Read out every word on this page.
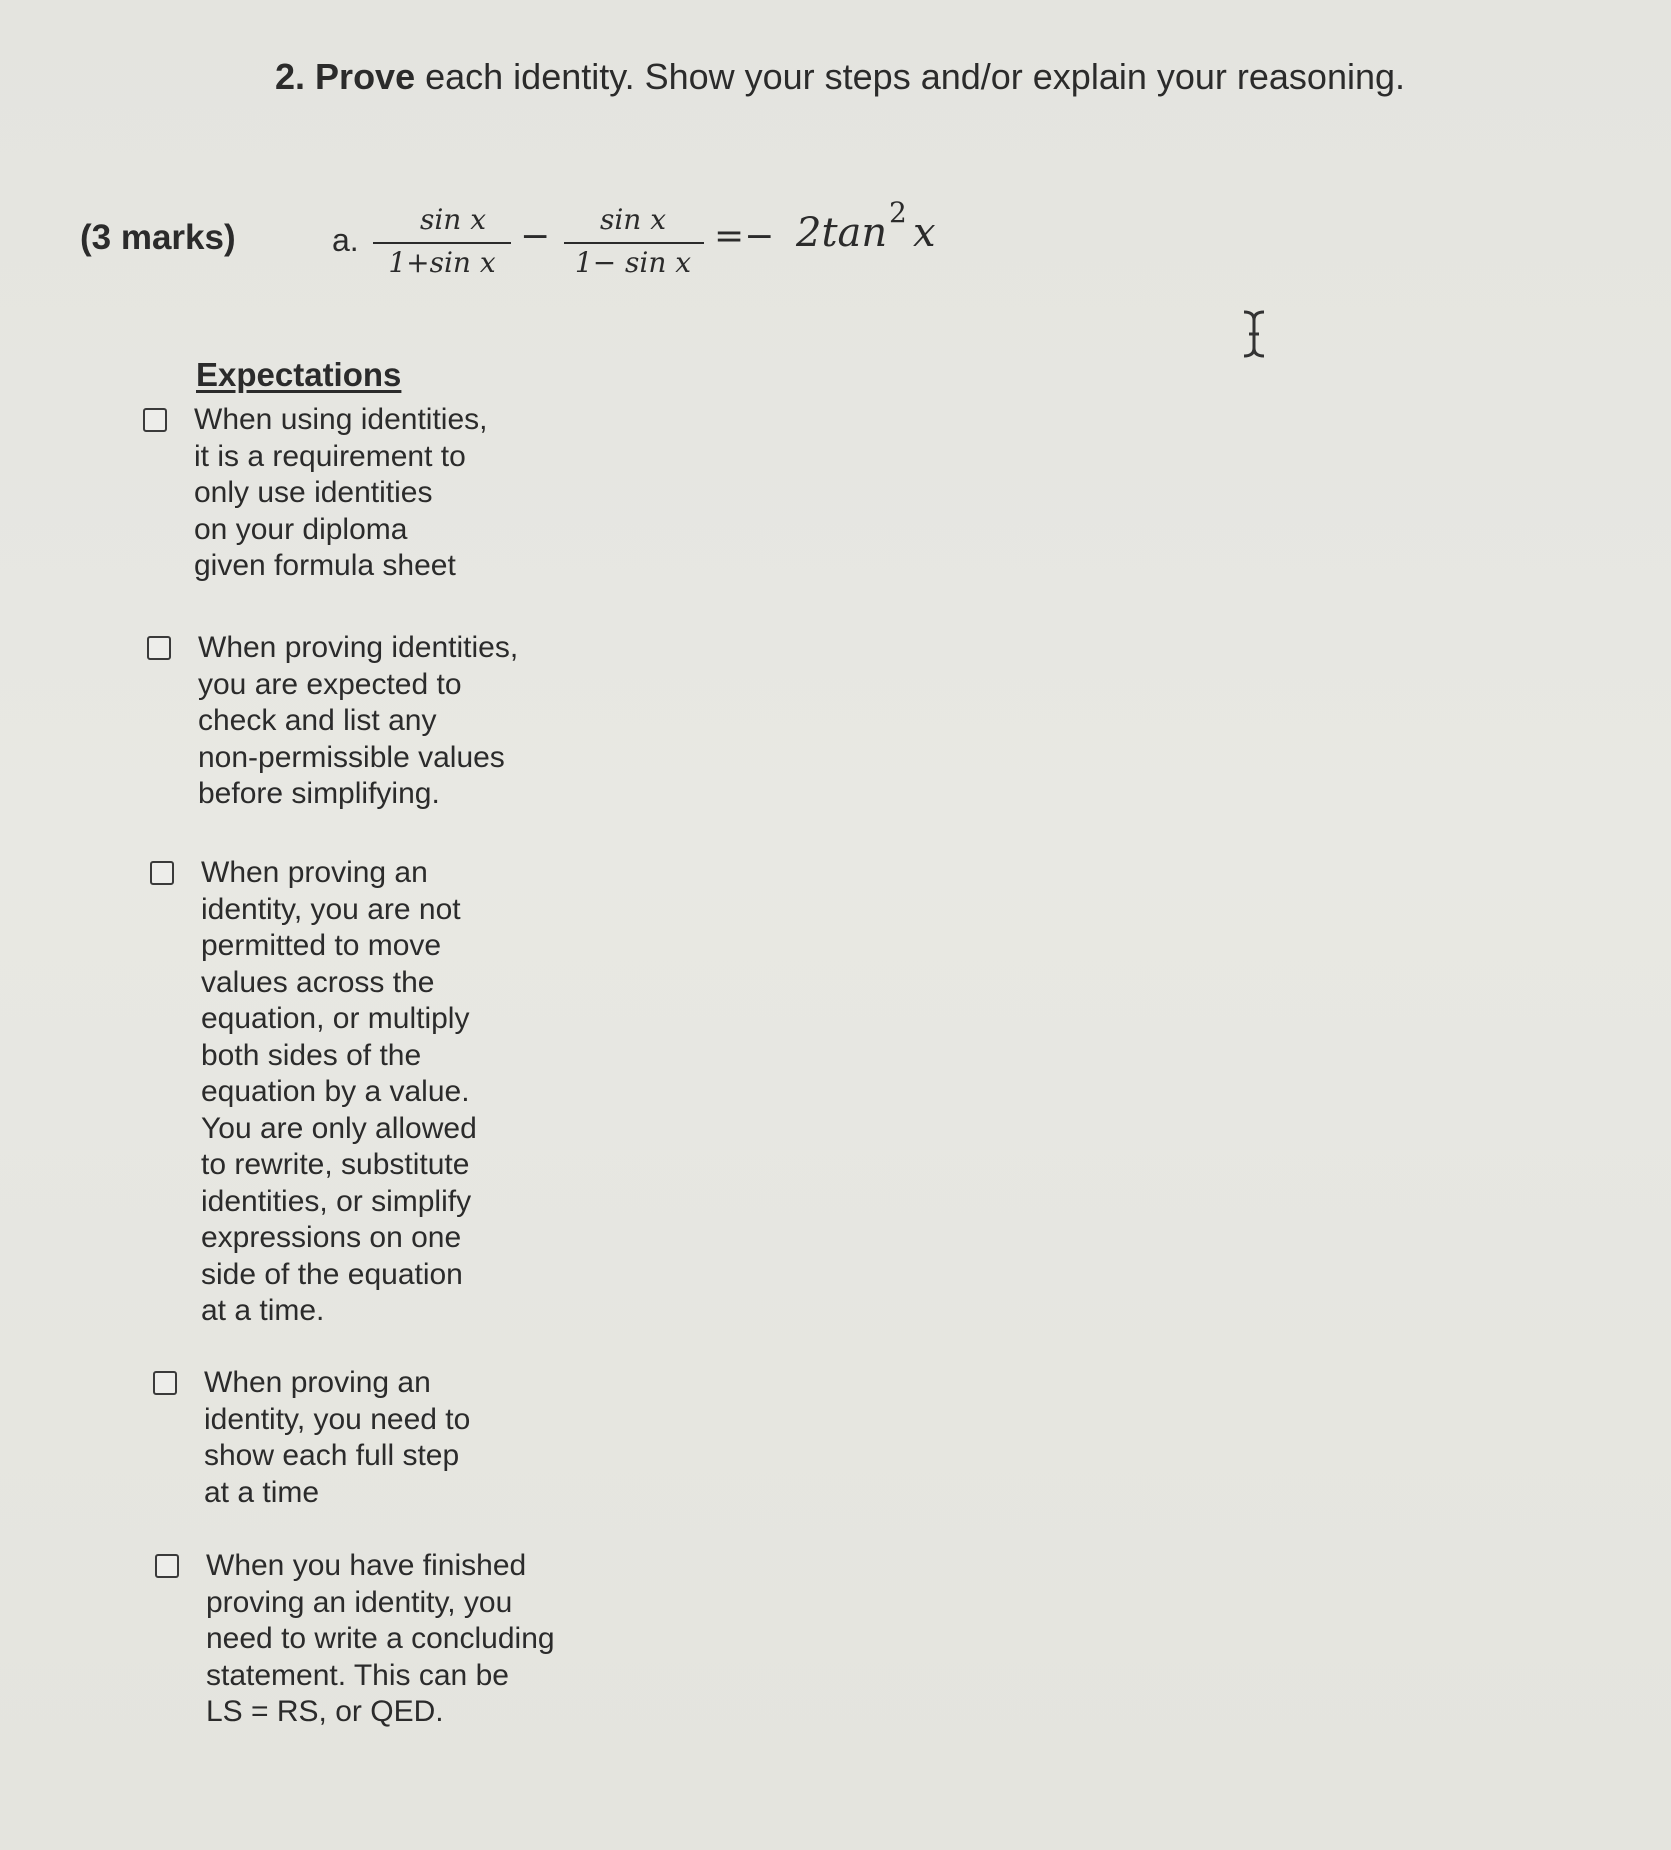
2. Prove each identity. Show your steps and/or explain your reasoning.
(3 marks)	a.
sin x
1+sin x
−	sin x
1− sin x
=− 2tan 2 x
Expectations
When using identities,
it is a requirement to
only use identities
on your diploma
given formula sheet
When proving identities,
you are expected to
check and list any
non-permissible values
before simplifying.
When proving an
identity, you are not
permitted to move
values across the
equation, or multiply
both sides of the
equation by a value.
You are only allowed
to rewrite, substitute
identities, or simplify
expressions on one
side of the equation
at a time.
When proving an
identity, you need to
show each full step
at a time
When you have finished
proving an identity, you
need to write a concluding
statement. This can be
LS = RS, or QED.
